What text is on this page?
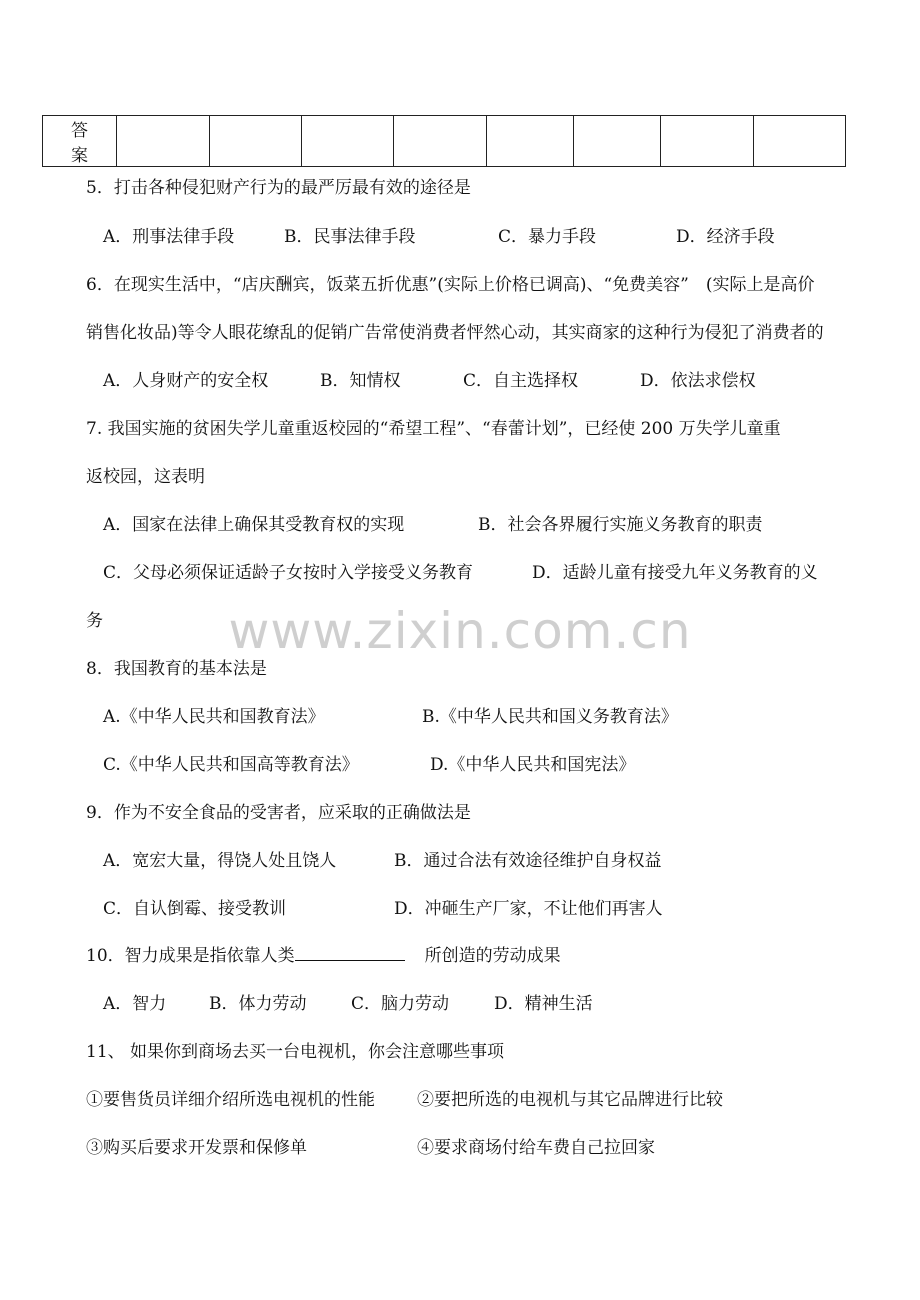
答案								
5．打击各种侵犯财产行为的最严厉最有效的途径是
A．刑事法律手段	B．民事法律手段	C．暴力手段	D．经济手段
6．在现实生活中，“店庆酬宾，饭菜五折优惠”(实际上价格已调高)、“免费美容”　(实际上是高价
销售化妆品)等令人眼花缭乱的促销广告常使消费者怦然心动，其实商家的这种行为侵犯了消费者的
A．人身财产的安全权	B．知情权	C．自主选择权	D．依法求偿权
7. 我国实施的贫困失学儿童重返校园的“希望工程”、“春蕾计划”，已经使 200 万失学儿童重
返校园，这表明
A．国家在法律上确保其受教育权的实现	B．社会各界履行实施义务教育的职责
C．父母必须保证适龄子女按时入学接受义务教育	D．适龄儿童有接受九年义务教育的义
务	www.zixin.com.cn
8．我国教育的基本法是
A.《中华人民共和国教育法》	B.《中华人民共和国义务教育法》
C.《中华人民共和国高等教育法》	D.《中华人民共和国宪法》
9．作为不安全食品的受害者，应采取的正确做法是
A．宽宏大量，得饶人处且饶人	B．通过合法有效途径维护自身权益
C．自认倒霉、接受教训	D．冲砸生产厂家，不让他们再害人
10．智力成果是指依靠人类	所创造的劳动成果
A．智力	B．体力劳动	C．脑力劳动	D．精神生活
11、 如果你到商场去买一台电视机，你会注意哪些事项
①要售货员详细介绍所选电视机的性能 ②要把所选的电视机与其它品牌进行比较
③购买后要求开发票和保修单	④要求商场付给车费自己拉回家
